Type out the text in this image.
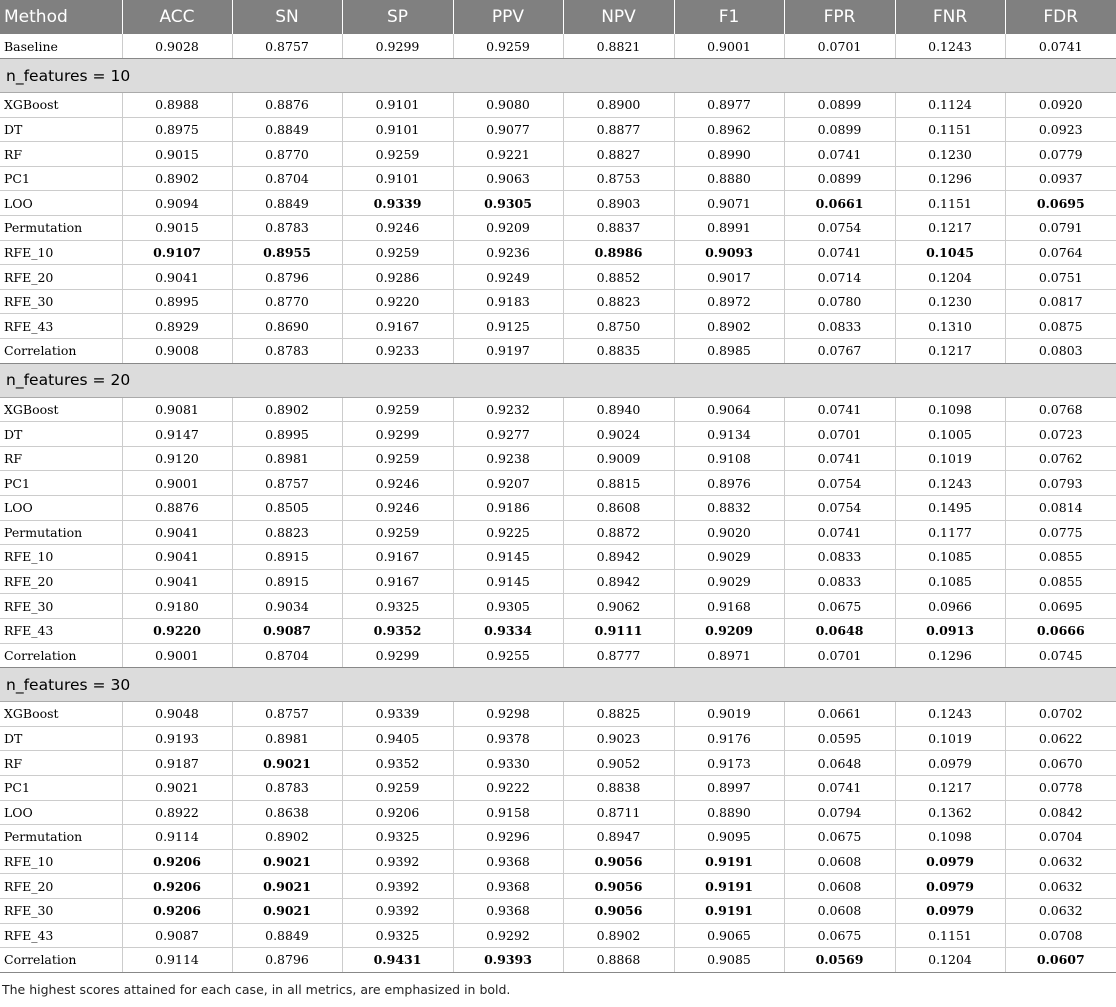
Method	ACC	SN	SP	PPV	NPV	F1	FPR	FNR	FDR
Baseline	0.9028	0.8757	0.9299	0.9259	0.8821	0.9001	0.0701	0.1243	0.0741
n_features = 10									
XGBoost	0.8988	0.8876	0.9101	0.9080	0.8900	0.8977	0.0899	0.1124	0.0920
DT	0.8975	0.8849	0.9101	0.9077	0.8877	0.8962	0.0899	0.1151	0.0923
RF	0.9015	0.8770	0.9259	0.9221	0.8827	0.8990	0.0741	0.1230	0.0779
PC1	0.8902	0.8704	0.9101	0.9063	0.8753	0.8880	0.0899	0.1296	0.0937
LOO	0.9094	0.8849	0.9339	0.9305	0.8903	0.9071	0.0661	0.1151	0.0695
Permutation	0.9015	0.8783	0.9246	0.9209	0.8837	0.8991	0.0754	0.1217	0.0791
RFE_10	0.9107	0.8955	0.9259	0.9236	0.8986	0.9093	0.0741	0.1045	0.0764
RFE_20	0.9041	0.8796	0.9286	0.9249	0.8852	0.9017	0.0714	0.1204	0.0751
RFE_30	0.8995	0.8770	0.9220	0.9183	0.8823	0.8972	0.0780	0.1230	0.0817
RFE_43	0.8929	0.8690	0.9167	0.9125	0.8750	0.8902	0.0833	0.1310	0.0875
Correlation	0.9008	0.8783	0.9233	0.9197	0.8835	0.8985	0.0767	0.1217	0.0803
n_features = 20									
XGBoost	0.9081	0.8902	0.9259	0.9232	0.8940	0.9064	0.0741	0.1098	0.0768
DT	0.9147	0.8995	0.9299	0.9277	0.9024	0.9134	0.0701	0.1005	0.0723
RF	0.9120	0.8981	0.9259	0.9238	0.9009	0.9108	0.0741	0.1019	0.0762
PC1	0.9001	0.8757	0.9246	0.9207	0.8815	0.8976	0.0754	0.1243	0.0793
LOO	0.8876	0.8505	0.9246	0.9186	0.8608	0.8832	0.0754	0.1495	0.0814
Permutation	0.9041	0.8823	0.9259	0.9225	0.8872	0.9020	0.0741	0.1177	0.0775
RFE_10	0.9041	0.8915	0.9167	0.9145	0.8942	0.9029	0.0833	0.1085	0.0855
RFE_20	0.9041	0.8915	0.9167	0.9145	0.8942	0.9029	0.0833	0.1085	0.0855
RFE_30	0.9180	0.9034	0.9325	0.9305	0.9062	0.9168	0.0675	0.0966	0.0695
RFE_43	0.9220	0.9087	0.9352	0.9334	0.9111	0.9209	0.0648	0.0913	0.0666
Correlation	0.9001	0.8704	0.9299	0.9255	0.8777	0.8971	0.0701	0.1296	0.0745
n_features = 30									
XGBoost	0.9048	0.8757	0.9339	0.9298	0.8825	0.9019	0.0661	0.1243	0.0702
DT	0.9193	0.8981	0.9405	0.9378	0.9023	0.9176	0.0595	0.1019	0.0622
RF	0.9187	0.9021	0.9352	0.9330	0.9052	0.9173	0.0648	0.0979	0.0670
PC1	0.9021	0.8783	0.9259	0.9222	0.8838	0.8997	0.0741	0.1217	0.0778
LOO	0.8922	0.8638	0.9206	0.9158	0.8711	0.8890	0.0794	0.1362	0.0842
Permutation	0.9114	0.8902	0.9325	0.9296	0.8947	0.9095	0.0675	0.1098	0.0704
RFE_10	0.9206	0.9021	0.9392	0.9368	0.9056	0.9191	0.0608	0.0979	0.0632
RFE_20	0.9206	0.9021	0.9392	0.9368	0.9056	0.9191	0.0608	0.0979	0.0632
RFE_30	0.9206	0.9021	0.9392	0.9368	0.9056	0.9191	0.0608	0.0979	0.0632
RFE_43	0.9087	0.8849	0.9325	0.9292	0.8902	0.9065	0.0675	0.1151	0.0708
Correlation	0.9114	0.8796	0.9431	0.9393	0.8868	0.9085	0.0569	0.1204	0.0607
The highest scores attained for each case, in all metrics, are emphasized in bold.
